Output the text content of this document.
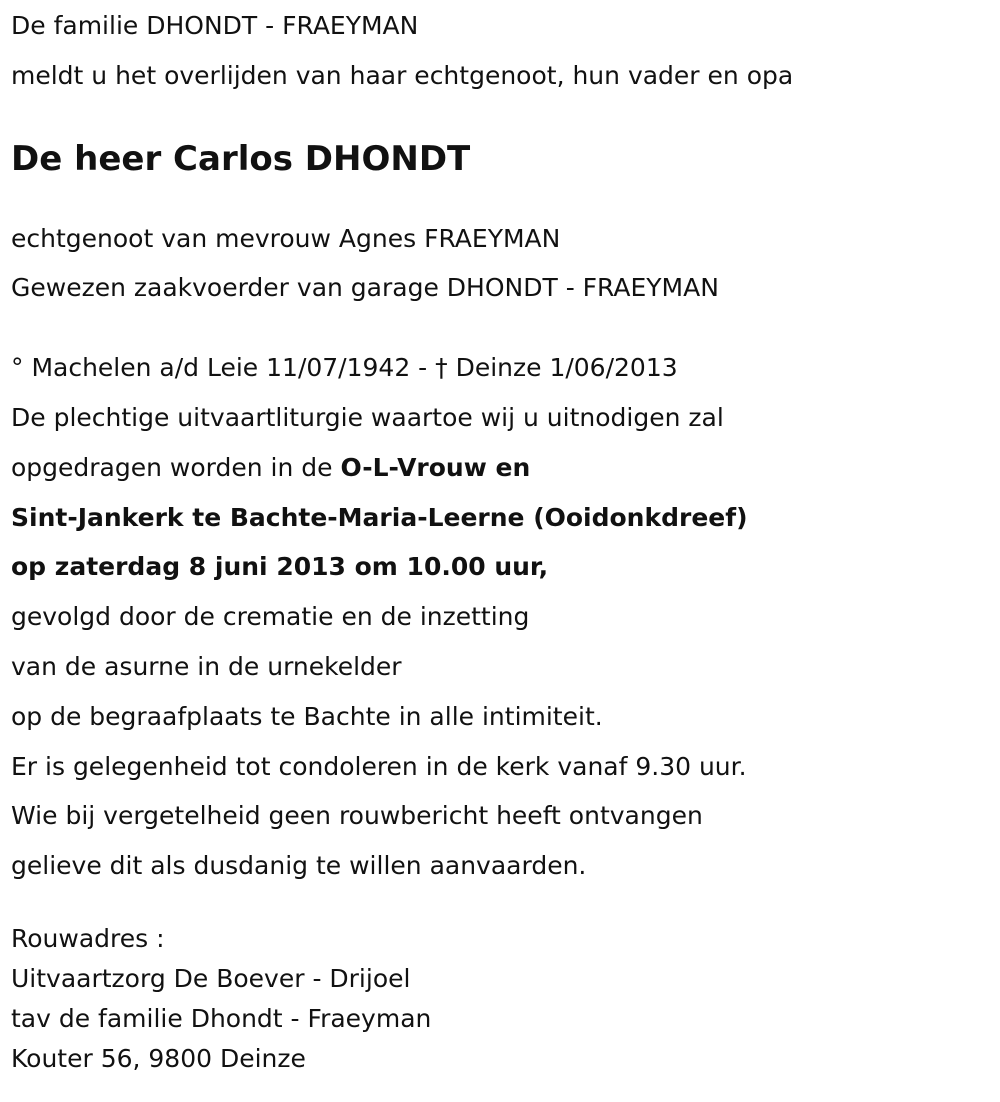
De familie DHONDT - FRAEYMAN

meldt u het overlijden van haar echtgenoot, hun vader en opa

De heer Carlos DHONDT

echtgenoot van mevrouw Agnes FRAEYMAN

Gewezen zaakvoerder van garage DHONDT - FRAEYMAN

° Machelen a/d Leie 11/07/1942 - † Deinze 1/06/2013

De plechtige uitvaartliturgie waartoe wij u uitnodigen zal

opgedragen worden in de O-L-Vrouw en

Sint-Jankerk te Bachte-Maria-Leerne (Ooidonkdreef)

op zaterdag 8 juni 2013 om 10.00 uur,

gevolgd door de crematie en de inzetting

van de asurne in de urnekelder

op de begraafplaats te Bachte in alle intimiteit.

Er is gelegenheid tot condoleren in de kerk vanaf 9.30 uur.

Wie bij vergetelheid geen rouwbericht heeft ontvangen

gelieve dit als dusdanig te willen aanvaarden.

Rouwadres :

Uitvaartzorg De Boever - Drijoel

tav de familie Dhondt - Fraeyman

Kouter 56, 9800 Deinze
